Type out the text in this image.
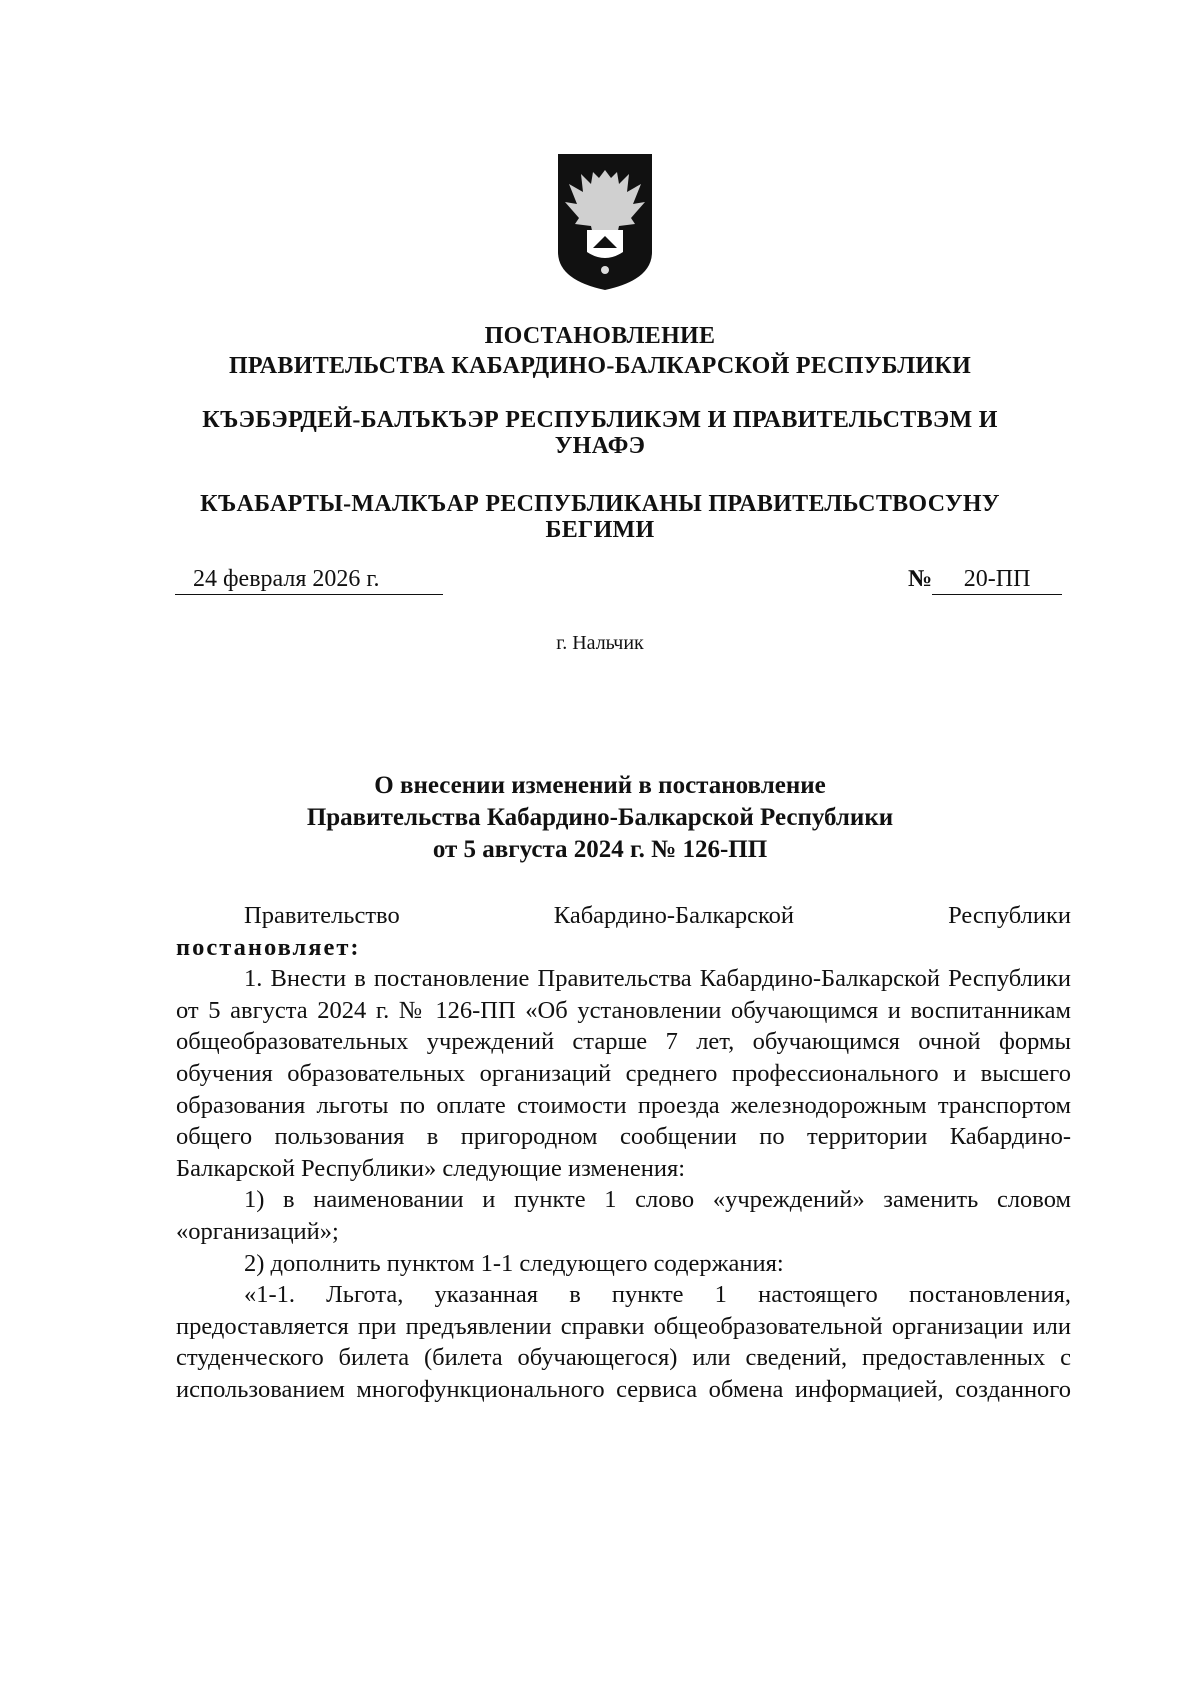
ПОСТАНОВЛЕНИЕ
ПРАВИТЕЛЬСТВА КАБАРДИНО-БАЛКАРСКОЙ РЕСПУБЛИКИ
КЪЭБЭРДЕЙ-БАЛЪКЪЭР РЕСПУБЛИКЭМ И ПРАВИТЕЛЬСТВЭМ И
УНАФЭ
КЪАБАРТЫ-МАЛКЪАР РЕСПУБЛИКАНЫ ПРАВИТЕЛЬСТВОСУНУ
БЕГИМИ
24 февраля 2026 г.	№ 20-ПП
г. Нальчик
О внесении изменений в постановление
Правительства Кабардино-Балкарской Республики
от 5 августа 2024 г. № 126-ПП

Правительство Кабардино-Балкарской Республики

постановляет:

1. Внести в постановление Правительства Кабардино-Балкарской Республики от 5 августа 2024 г. № 126-ПП «Об установлении обучающимся и воспитанникам общеобразовательных учреждений старше 7 лет, обучающимся очной формы обучения образовательных организаций среднего профессионального и высшего образования льготы по оплате стоимости проезда железнодорожным транспортом общего пользования в пригородном сообщении по территории Кабардино-Балкарской Республики» следующие изменения:

1) в наименовании и пункте 1 слово «учреждений» заменить словом «организаций»;

2) дополнить пунктом 1-1 следующего содержания:

«1-1. Льгота, указанная в пункте 1 настоящего постановления, предоставляется при предъявлении справки общеобразовательной организации или студенческого билета (билета обучающегося) или сведений, предоставленных с использованием многофункционального сервиса обмена информацией, созданного
